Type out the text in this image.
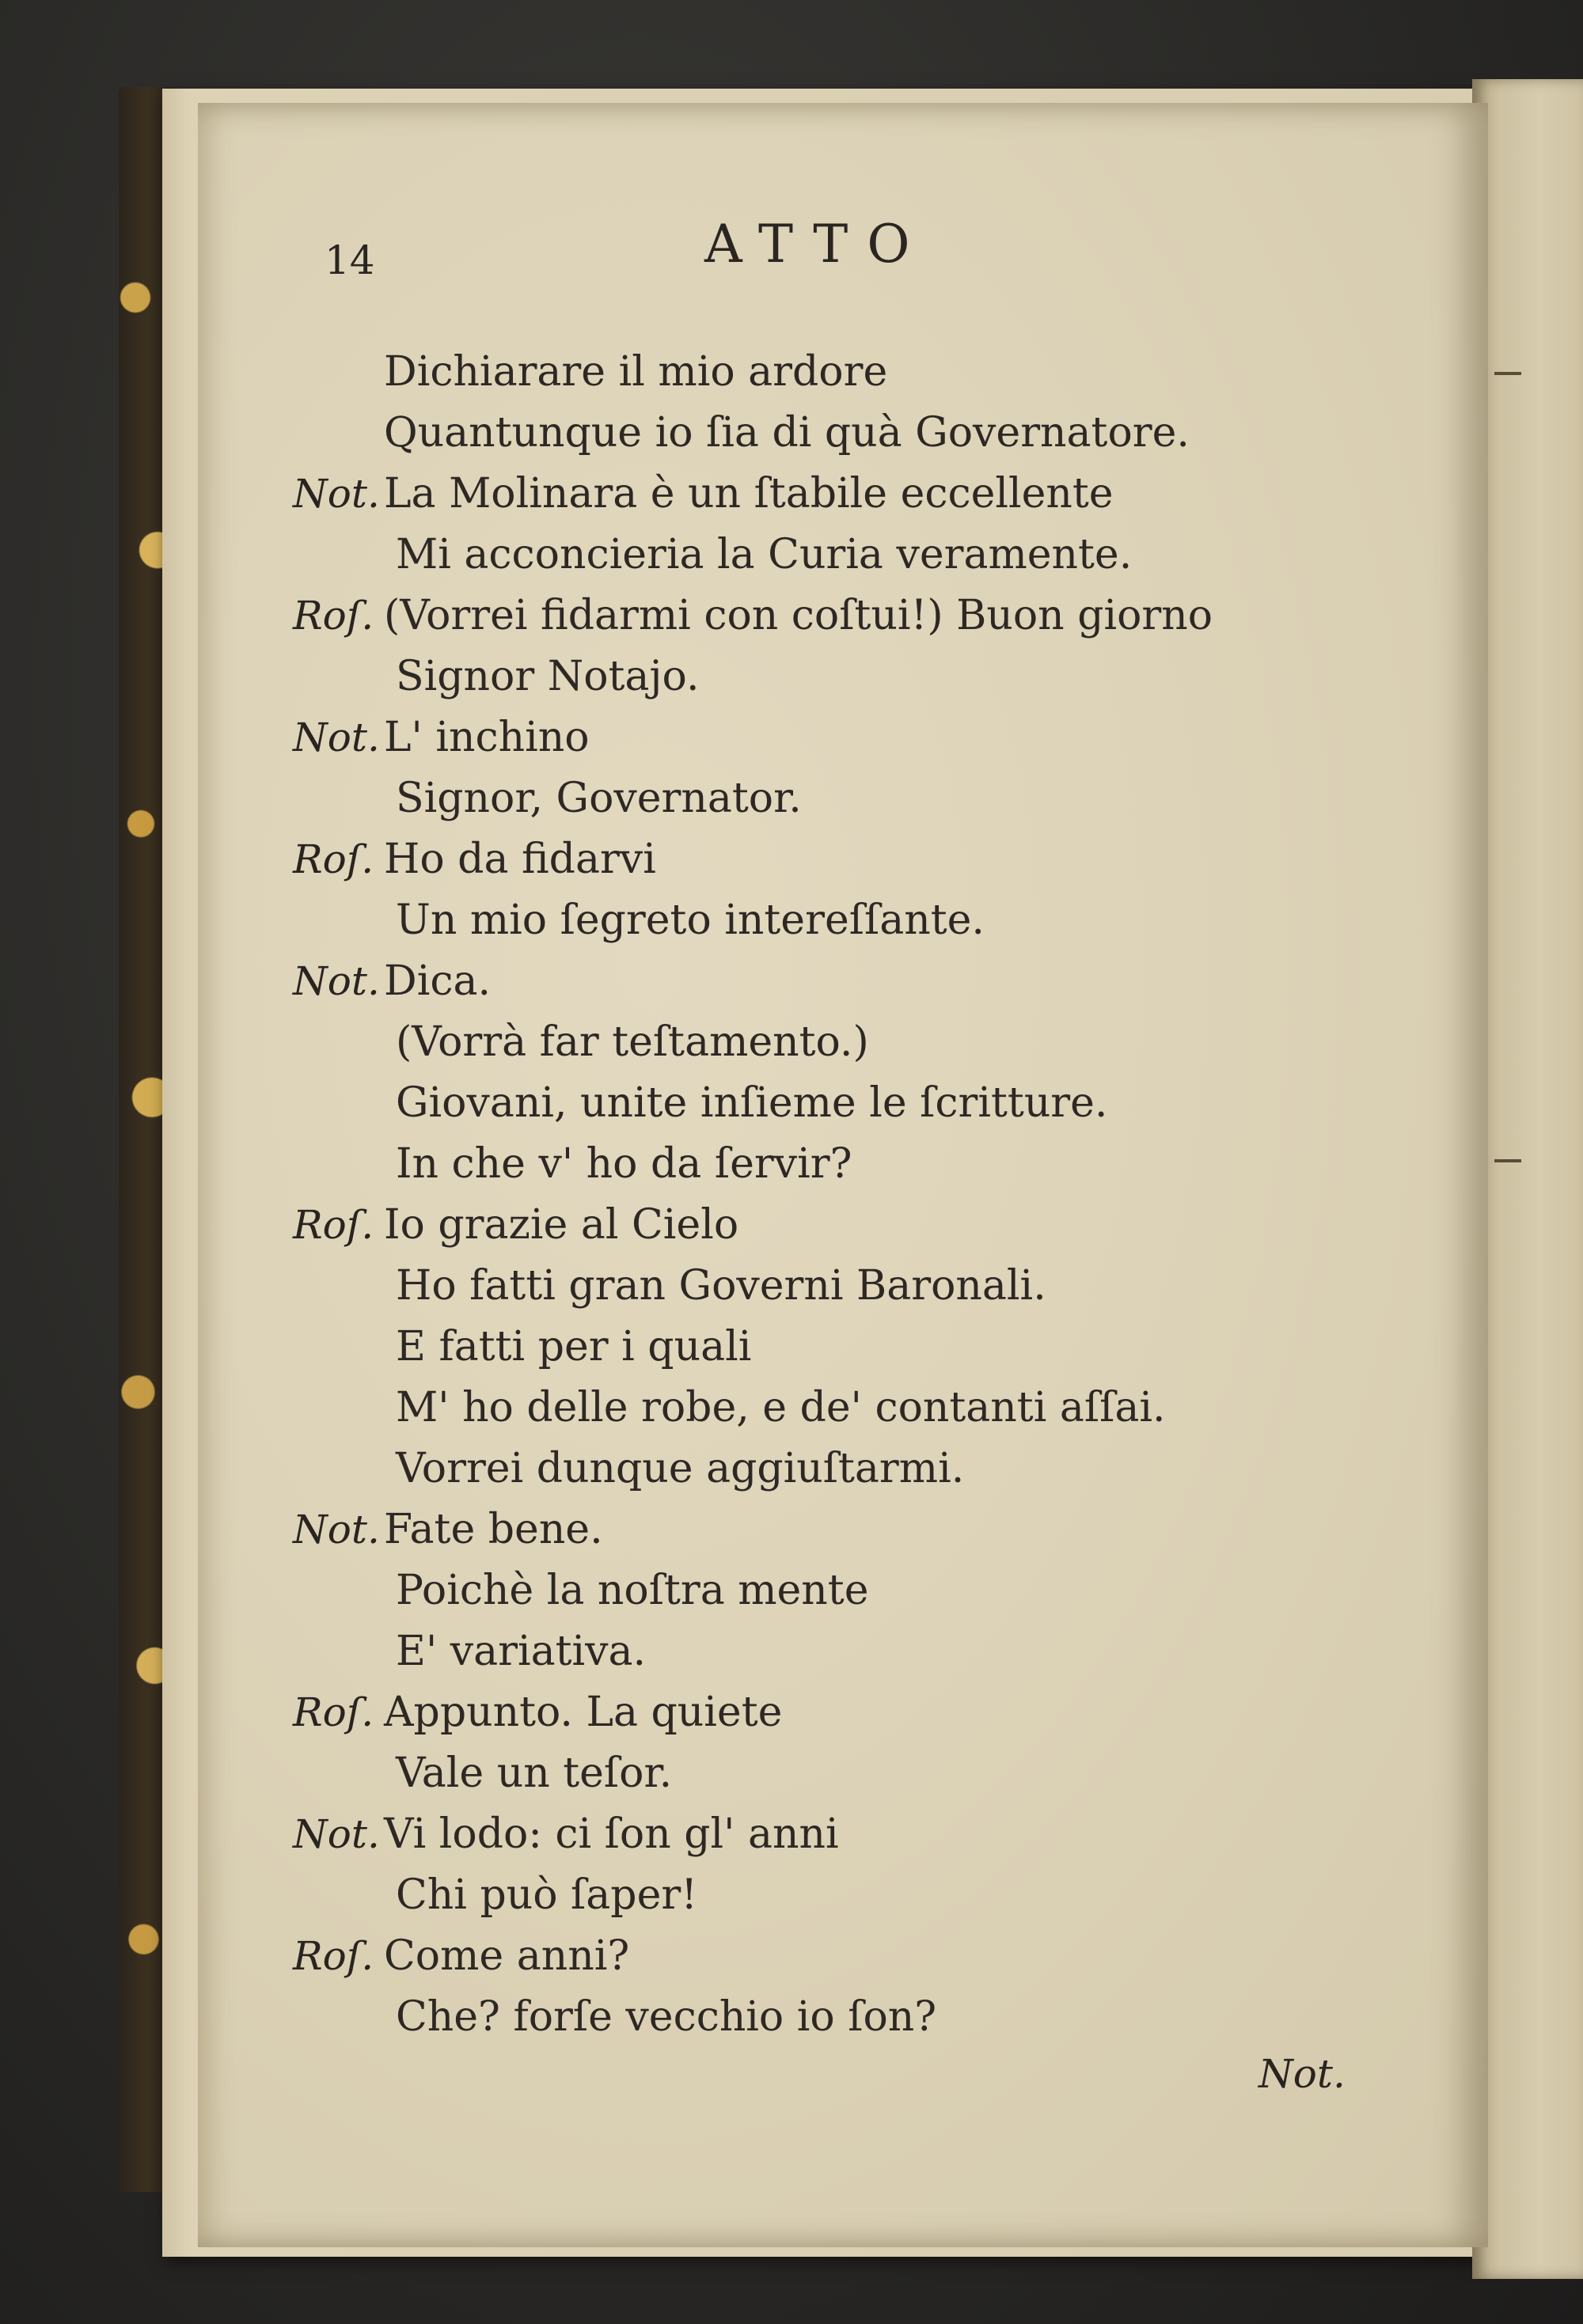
14	ATTO
Dichiarare il mio ardore
Quantunque io ſia di quà Governatore.
Not. La Molinara è un ſtabile eccellente
Mi acconcieria la Curia veramente.
Roſ. (Vorrei fidarmi con coſtui!) Buon giorno
Signor Notajo.
Not. L' inchino
Signor, Governator.
Roſ. Ho da fidarvi
Un mio ſegreto intereſſante.
Not. Dica.
(Vorrà far teſtamento.)
Giovani, unite inſieme le ſcritture.
In che v' ho da ſervir?
Roſ. Io grazie al Cielo
Ho fatti gran Governi Baronali.
E fatti per i quali
M' ho delle robe, e de' contanti aſſai.
Vorrei dunque aggiuſtarmi.
Not. Fate bene.
Poichè la noſtra mente
E' variativa.
Roſ. Appunto. La quiete
Vale un teſor.
Not. Vi lodo: ci ſon gl' anni
Chi può ſaper!
Roſ. Come anni?
Che? forſe vecchio io ſon?
Not.
